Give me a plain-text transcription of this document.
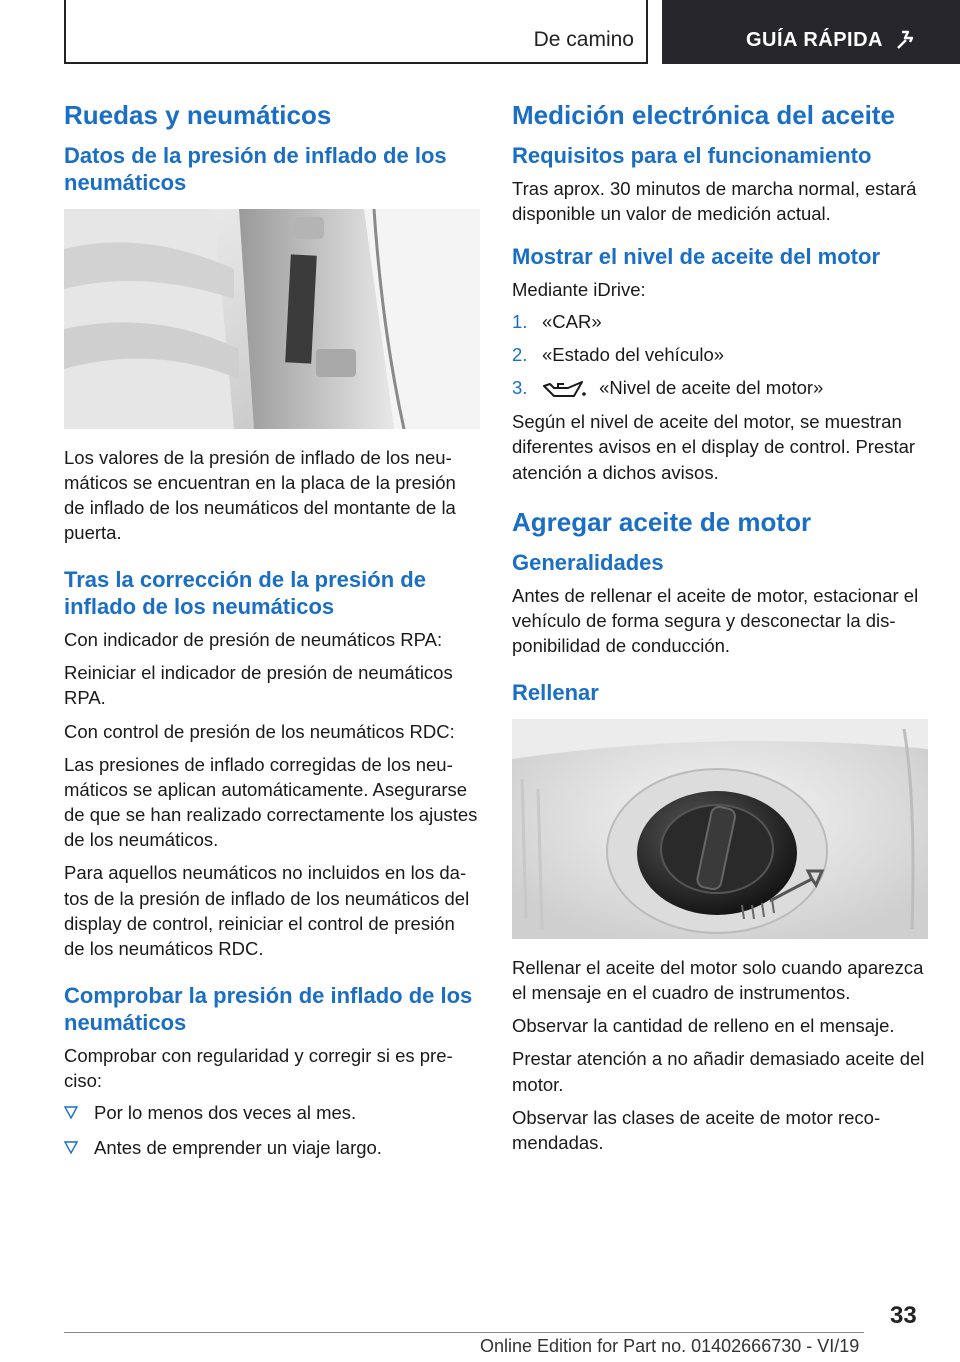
De camino	GUÍA RÁPIDA
Ruedas y neumáticos
Datos de la presión de inflado de los neumáticos

Los valores de la presión de inflado de los neumáticos se encuentran en la placa de la presión de inflado de los neumáticos del montante de la puerta.

Tras la corrección de la presión de inflado de los neumáticos

Con indicador de presión de neumáticos RPA:

Reiniciar el indicador de presión de neumáticos RPA.

Con control de presión de los neumáticos RDC:

Las presiones de inflado corregidas de los neumáticos se aplican automáticamente. Asegurarse de que se han realizado correctamente los ajustes de los neumáticos.

Para aquellos neumáticos no incluidos en los datos de la presión de inflado de los neumáticos del display de control, reiniciar el control de presión de los neumáticos RDC.

Comprobar la presión de inflado de los neumáticos

Comprobar con regularidad y corregir si es preciso:

Por lo menos dos veces al mes.
Antes de emprender un viaje largo.
Medición electrónica del aceite
Requisitos para el funcionamiento

Tras aprox. 30 minutos de marcha normal, estará disponible un valor de medición actual.

Mostrar el nivel de aceite del motor

Mediante iDrive:

1. «CAR»
2. «Estado del vehículo»
3.	«Nivel de aceite del motor»

Según el nivel de aceite del motor, se muestran diferentes avisos en el display de control. Prestar atención a dichos avisos.

Agregar aceite de motor
Generalidades

Antes de rellenar el aceite de motor, estacionar el vehículo de forma segura y desconectar la disponibilidad de conducción.

Rellenar

Rellenar el aceite del motor solo cuando aparezca el mensaje en el cuadro de instrumentos.

Observar la cantidad de relleno en el mensaje.

Prestar atención a no añadir demasiado aceite del motor.

Observar las clases de aceite de motor recomendadas.

33
Online Edition for Part no. 01402666730 - VI/19
